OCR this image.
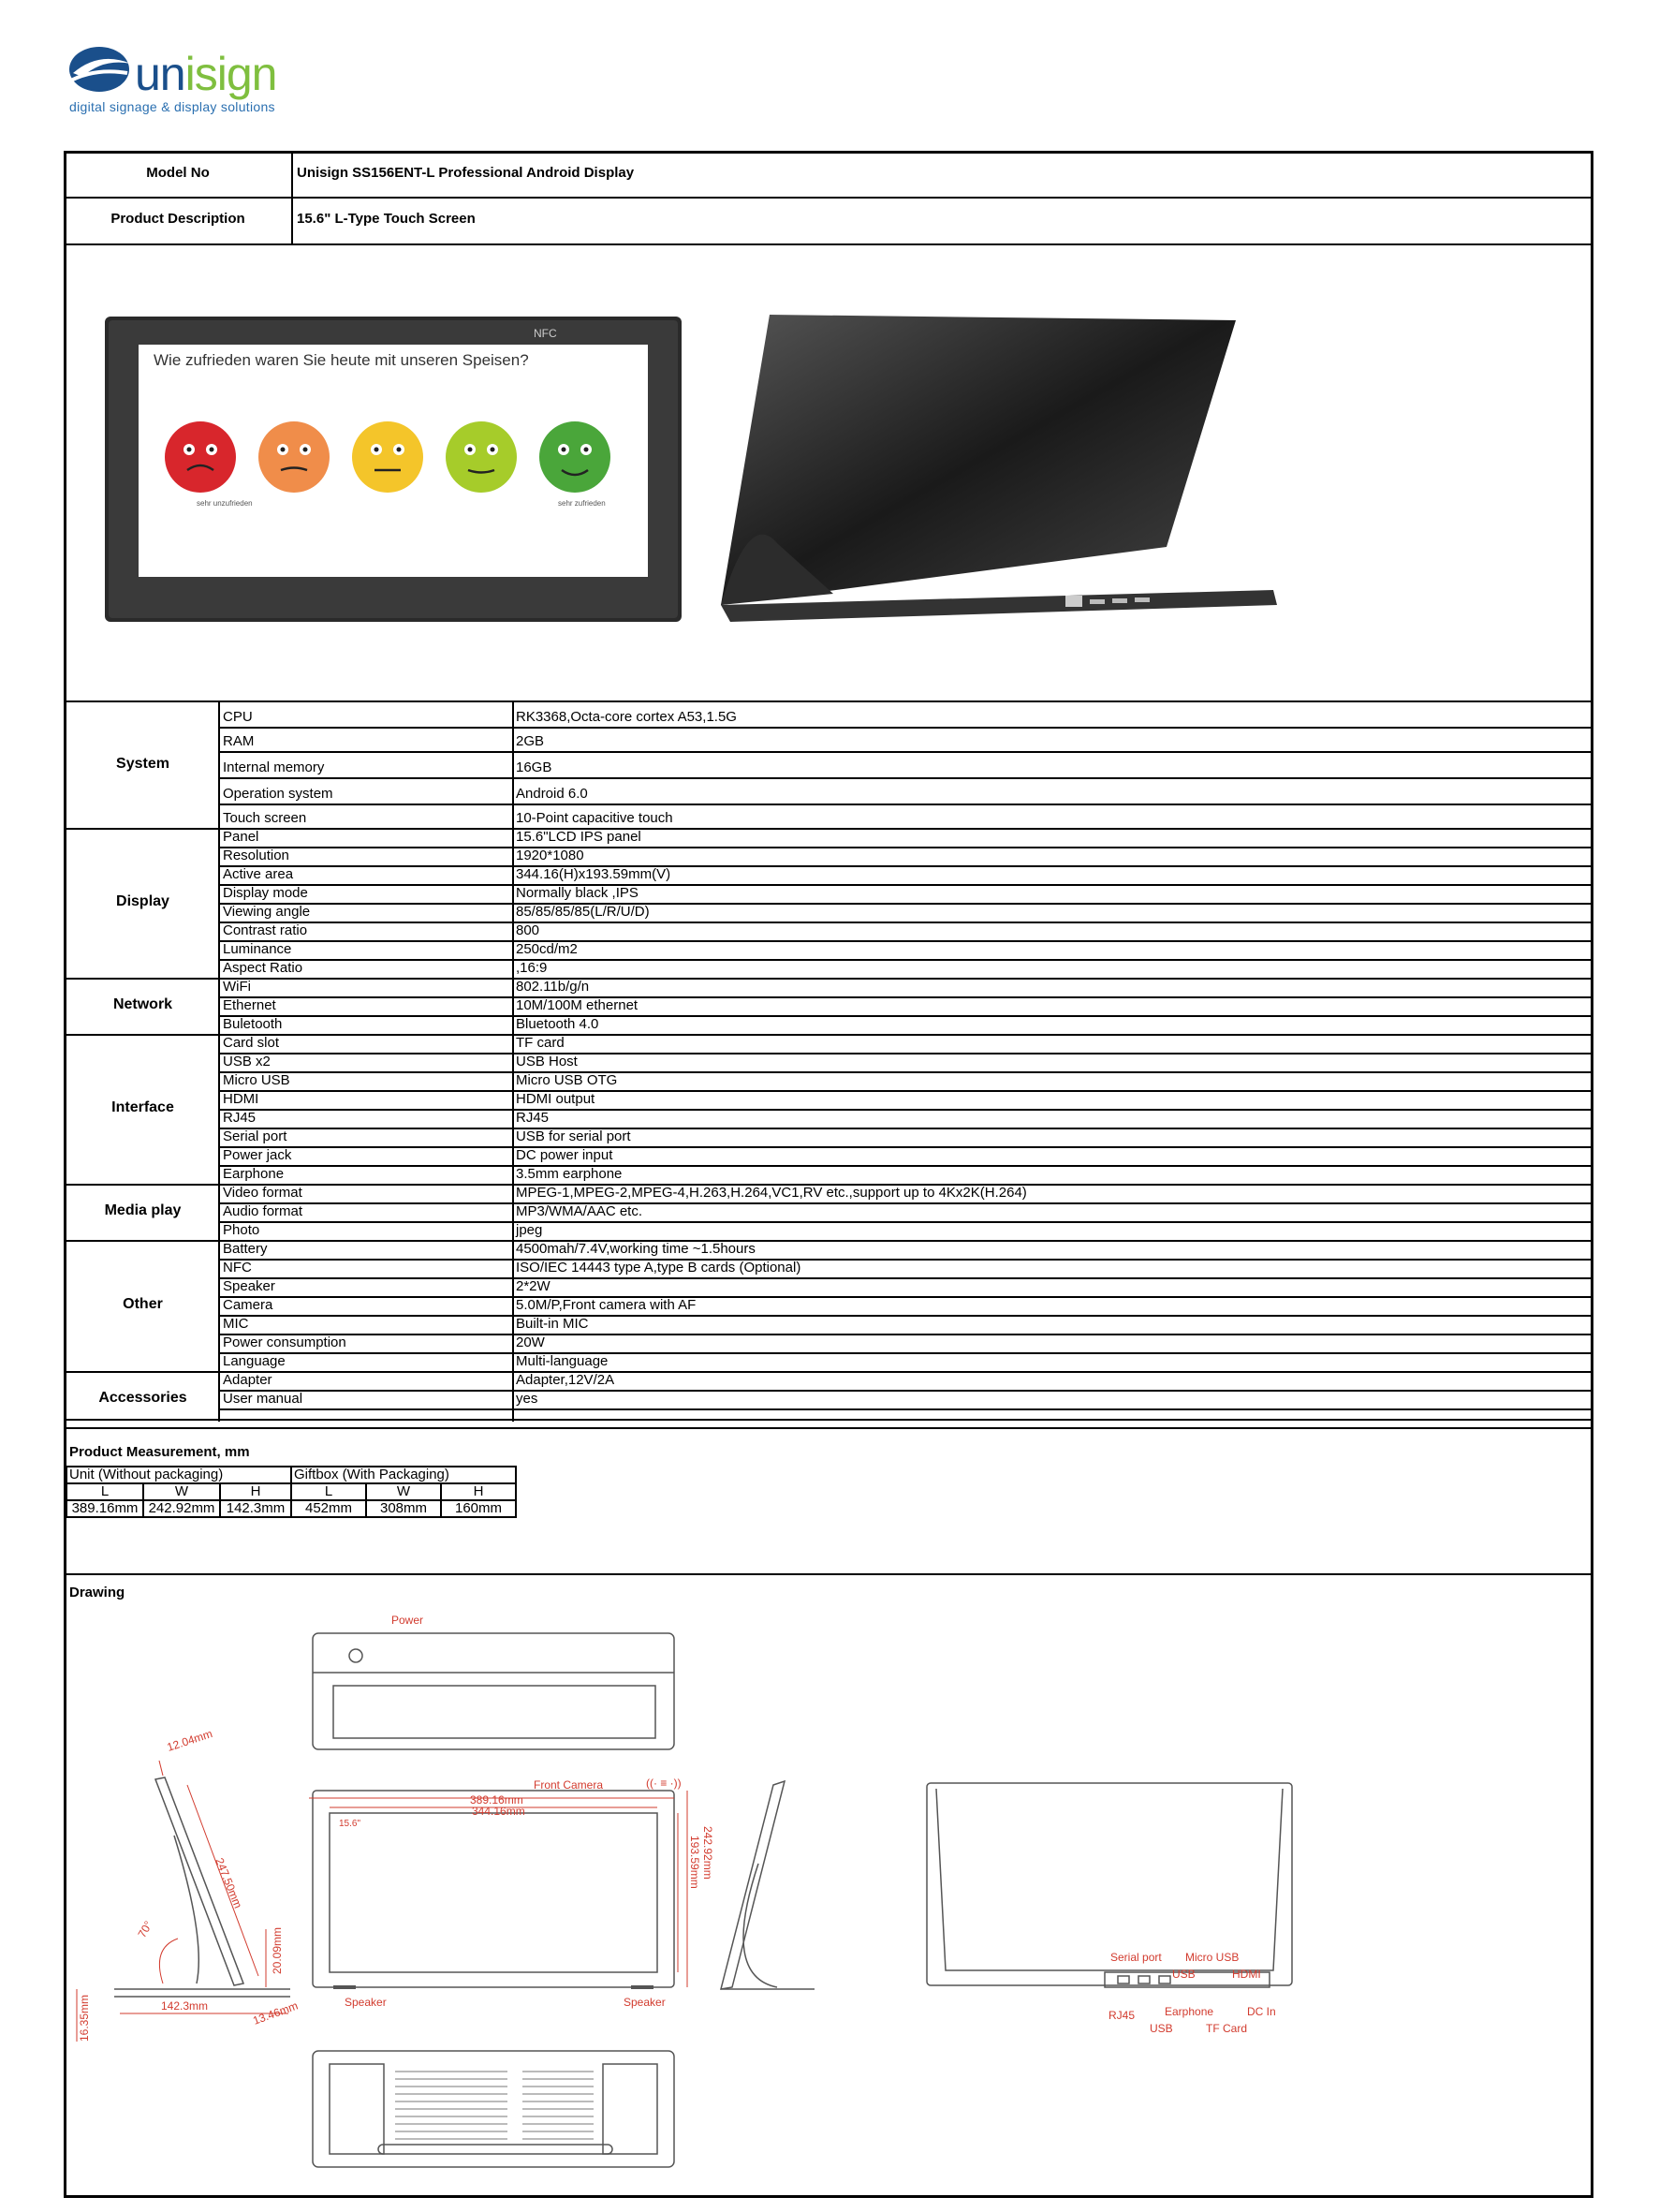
unisign
digital signage & display solutions
Model No	Unisign SS156ENT-L Professional Android Display
Product Description	15.6" L-Type Touch Screen
NFC
Wie zufrieden waren Sie heute mit unseren Speisen?
sehr unzufrieden	sehr zufrieden
CPU	RK3368,Octa-core cortex A53,1.5G
RAM	2GB
Internal memory	16GB
Operation system	Android 6.0
Touch screen	10-Point capacitive touch
System
Panel	15.6"LCD IPS panel
Resolution	1920*1080
Active area	344.16(H)x193.59mm(V)
Display mode	Normally black ,IPS
Viewing angle	85/85/85/85(L/R/U/D)
Contrast ratio	800
Luminance	250cd/m2
Aspect Ratio	,16:9
Display
WiFi	802.11b/g/n
Ethernet	10M/100M ethernet
Buletooth	Bluetooth 4.0
Network
Card slot	TF card
USB x2	USB Host
Micro USB	Micro USB OTG
HDMI	HDMI output
RJ45	RJ45
Serial port	USB for serial port
Power jack	DC power input
Earphone	3.5mm earphone
Interface
Video format	MPEG-1,MPEG-2,MPEG-4,H.263,H.264,VC1,RV etc.,support up to 4Kx2K(H.264)
Audio format	MP3/WMA/AAC etc.
Photo	jpeg
Media play
Battery	4500mah/7.4V,working time ~1.5hours
NFC	ISO/IEC 14443 type A,type B cards (Optional)
Speaker	2*2W
Camera	5.0M/P,Front camera with AF
MIC	Built-in MIC
Power consumption	20W
Language	Multi-language
Other
Adapter	Adapter,12V/2A
User manual	yes
Accessories
Product Measurement, mm
Unit (Without packaging)			Giftbox (With Packaging)		
L	W	H	L	W	H
389.16mm	242.92mm	142.3mm	452mm	308mm	160mm
Drawing
Power
Front Camera	((· ≡ ·))
389.16mm
344.16mm
15.6"
Speaker	Speaker
12.04mm
247.50mm
70°	20.09mm
142.3mm	13.46mm
16.35mm
242.92mm
193.59mm
Serial port Micro USB
USB	HDMI
RJ45	Earphone	DC In
USB	TF Card
